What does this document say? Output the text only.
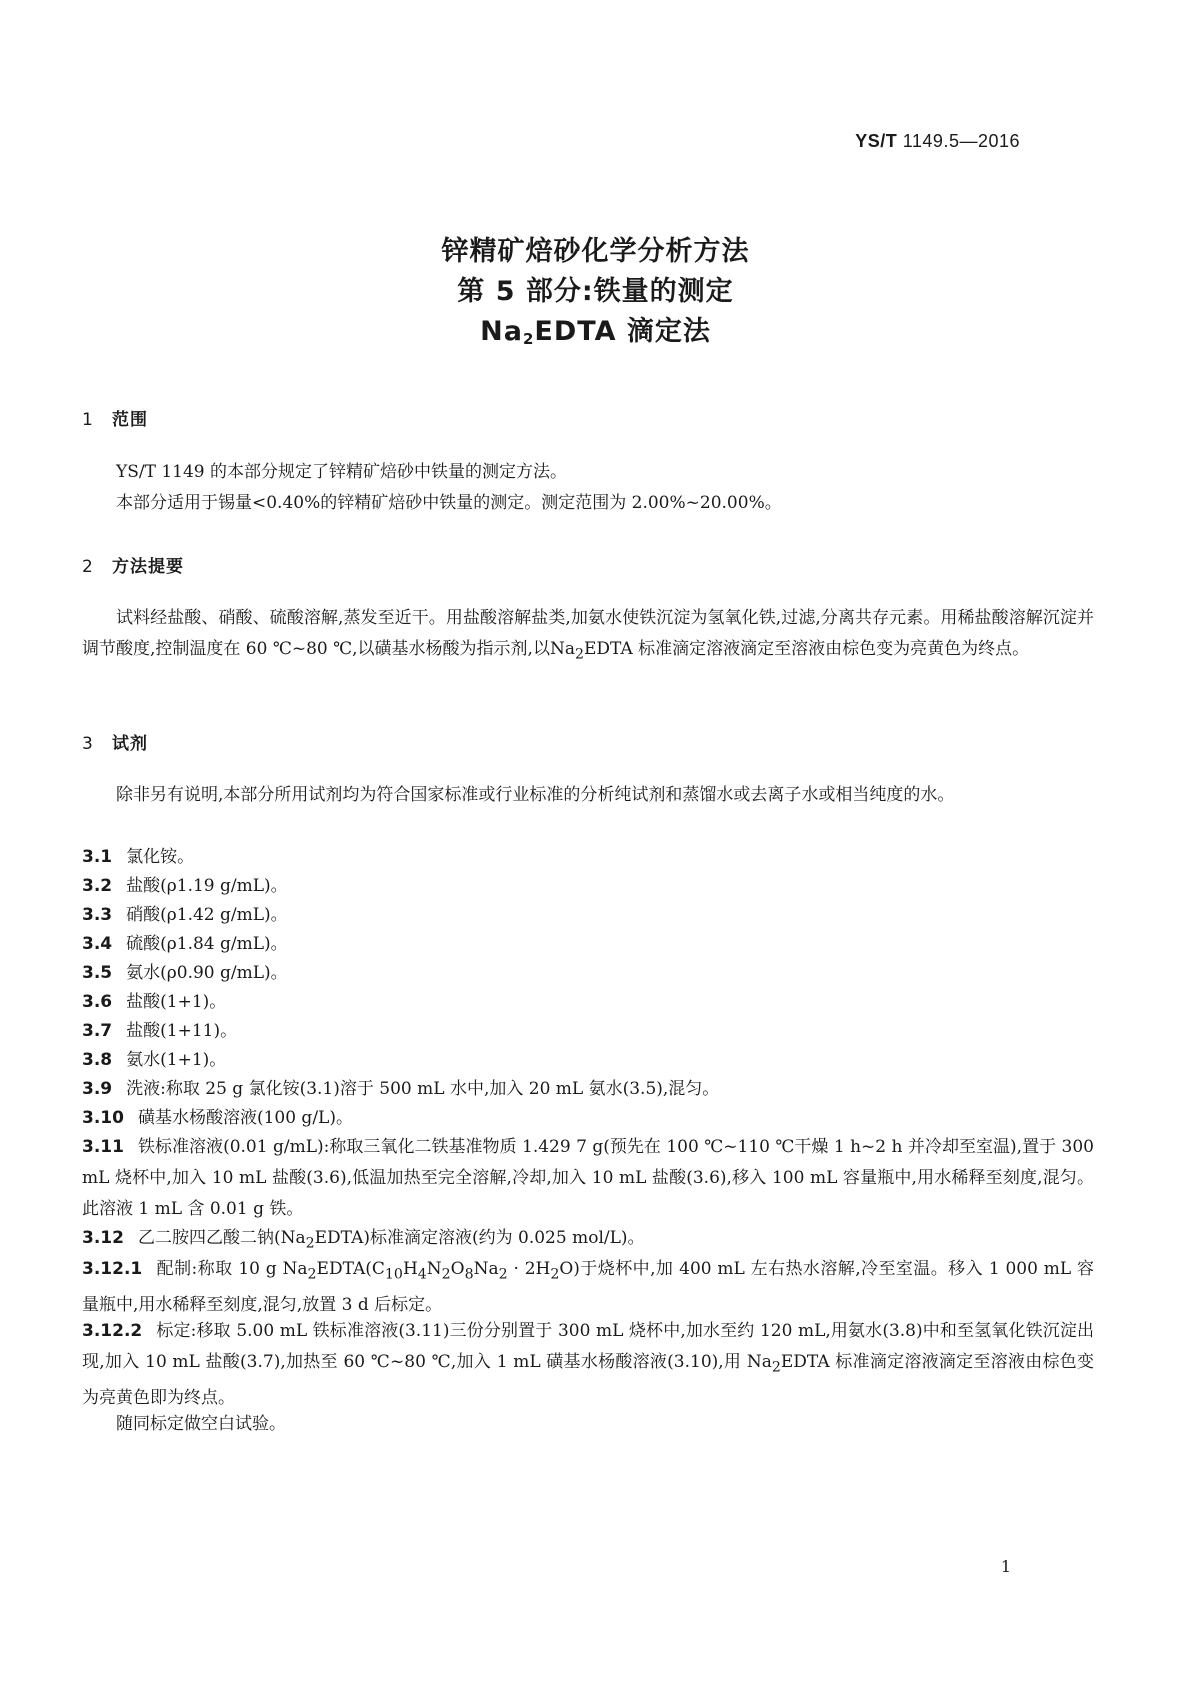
YS/T 1149.5—2016
锌精矿焙砂化学分析方法
第 5 部分:铁量的测定
$Na_2EDTA$ 滴定法
1 范围
YS/T 1149 的本部分规定了锌精矿焙砂中铁量的测定方法。
本部分适用于锡量<0.40%的锌精矿焙砂中铁量的测定。测定范围为 2.00%~20.00%。
2 方法提要
试料经盐酸、硝酸、硫酸溶解,蒸发至近干。用盐酸溶解盐类,加氨水使铁沉淀为氢氧化铁,过滤,分离共存元素。用稀盐酸溶解沉淀并调节酸度,控制温度在 60 ℃~80 ℃,以磺基水杨酸为指示剂,以$Na_2EDTA$ 标准滴定溶液滴定至溶液由棕色变为亮黄色为终点。
3 试剂
除非另有说明,本部分所用试剂均为符合国家标准或行业标准的分析纯试剂和蒸馏水或去离子水或相当纯度的水。
3.1 氯化铵。
3.2 盐酸(ρ1.19 g/mL)。
3.3 硝酸(ρ1.42 g/mL)。
3.4 硫酸(ρ1.84 g/mL)。
3.5 氨水(ρ0.90 g/mL)。
3.6 盐酸(1+1)。
3.7 盐酸(1+11)。
3.8 氨水(1+1)。
3.9 洗液:称取 25 g 氯化铵(3.1)溶于 500 mL 水中,加入 20 mL 氨水(3.5),混匀。
3.10 磺基水杨酸溶液(100 g/L)。
3.11 铁标准溶液(0.01 g/mL):称取三氧化二铁基准物质 1.429 7 g(预先在 100 ℃~110 ℃干燥 1 h~2 h 并冷却至室温),置于 300 mL 烧杯中,加入 10 mL 盐酸(3.6),低温加热至完全溶解,冷却,加入 10 mL 盐酸(3.6),移入 100 mL 容量瓶中,用水稀释至刻度,混匀。此溶液 1 mL 含 0.01 g 铁。
3.12 乙二胺四乙酸二钠$(Na_2EDTA)$标准滴定溶液(约为 0.025 mol/L)。
3.12.1 配制:称取 10 g $Na_2EDTA(C_{10}H_4N_2O_8Na_2 \cdot 2H_2O)$于烧杯中,加 400 mL 左右热水溶解,冷至室温。移入 1 000 mL 容量瓶中,用水稀释至刻度,混匀,放置 3 d 后标定。
3.12.2 标定:移取 5.00 mL 铁标准溶液(3.11)三份分别置于 300 mL 烧杯中,加水至约 120 mL,用氨水(3.8)中和至氢氧化铁沉淀出现,加入 10 mL 盐酸(3.7),加热至 60 ℃~80 ℃,加入 1 mL 磺基水杨酸溶液(3.10),用 $Na_2EDTA$ 标准滴定溶液滴定至溶液由棕色变为亮黄色即为终点。
随同标定做空白试验。
1
